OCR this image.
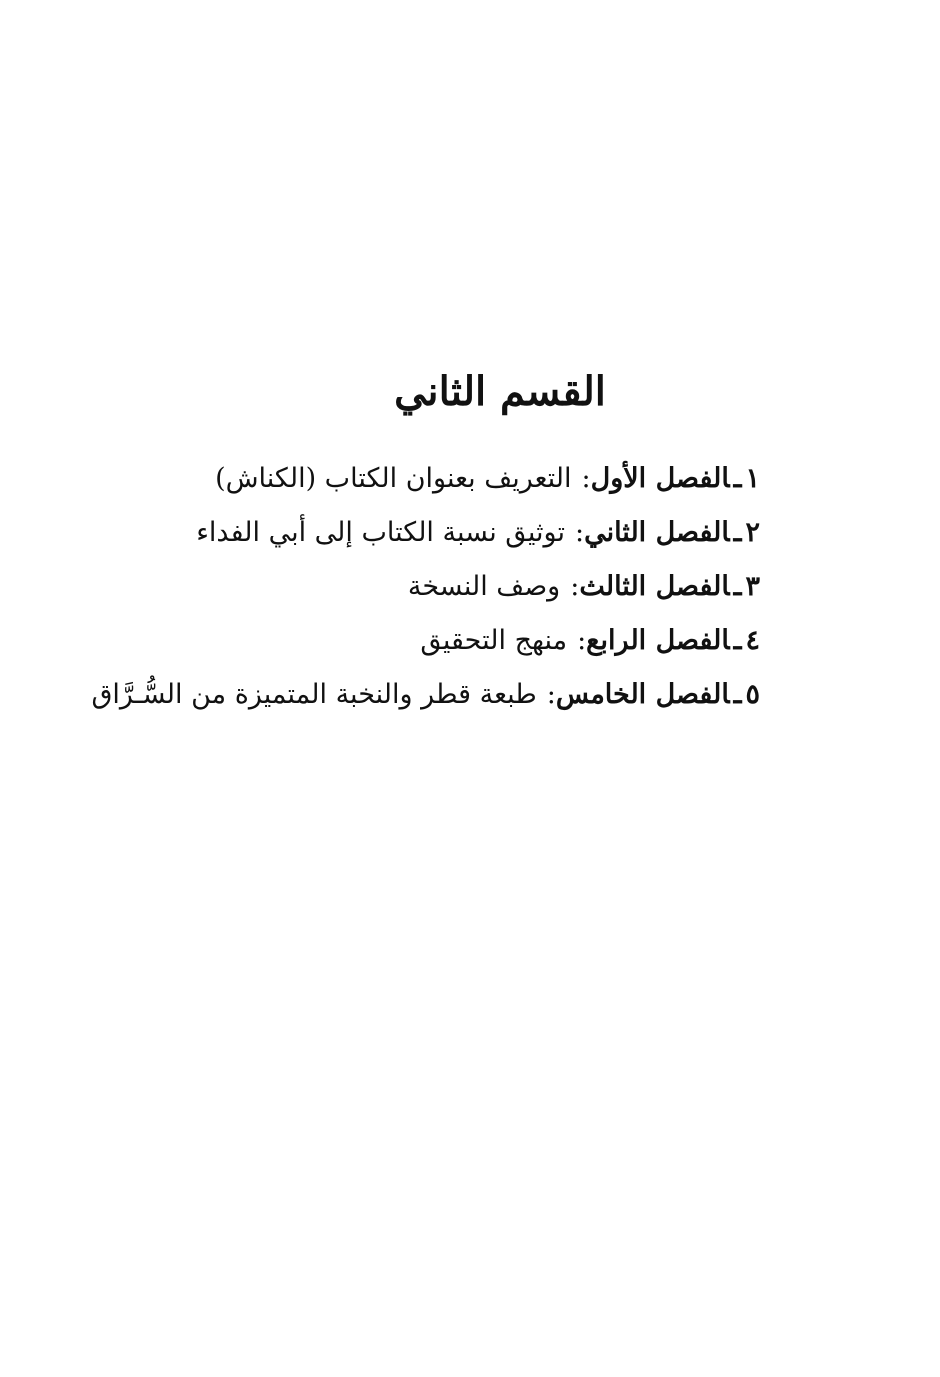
القسم الثاني
١ـالفصل الأول:التعريف بعنوان الكتاب (الكناش)
٢ـالفصل الثاني:توثيق نسبة الكتاب إلى أبي الفداء
٣ـالفصل الثالث:وصف النسخة
٤ـالفصل الرابع:منهج التحقيق
٥ـالفصل الخامس:طبعة قطر والنخبة المتميزة من السُّـرَّاق
